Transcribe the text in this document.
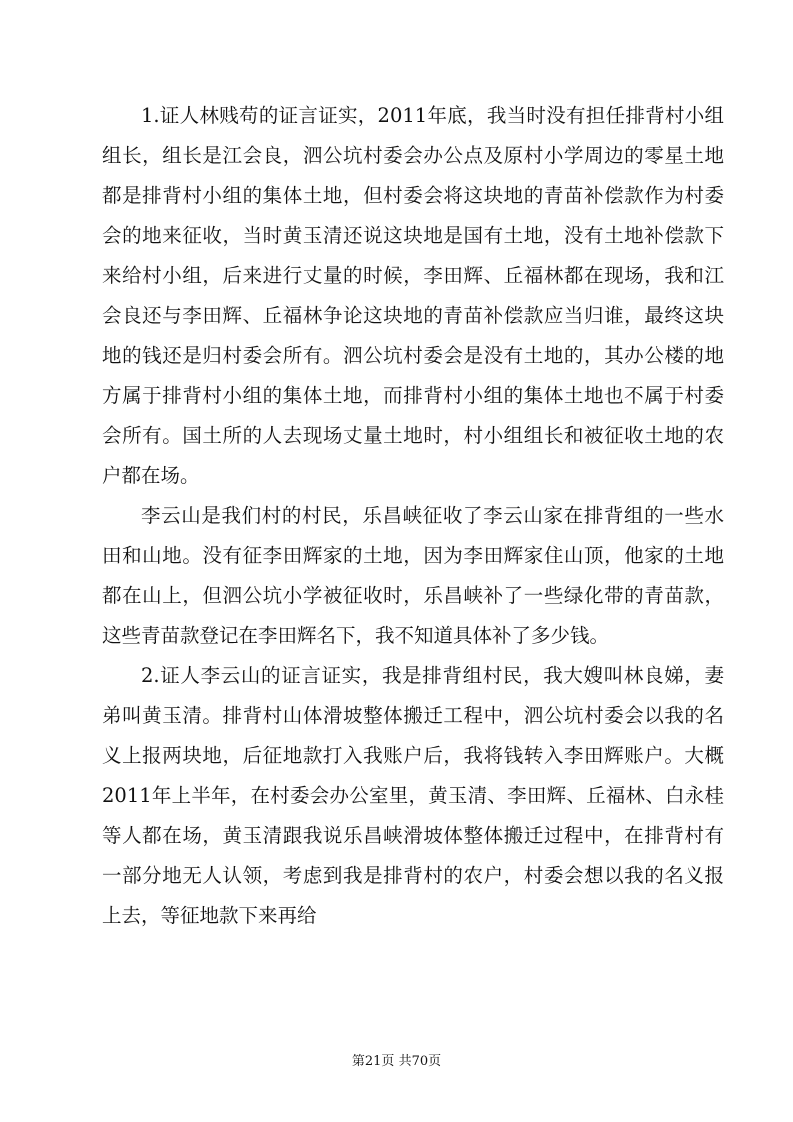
1.证人林贱苟的证言证实，2011年底，我当时没有担任排背村小组组长，组长是江会良，泗公坑村委会办公点及原村小学周边的零星土地都是排背村小组的集体土地，但村委会将这块地的青苗补偿款作为村委会的地来征收，当时黄玉清还说这块地是国有土地，没有土地补偿款下来给村小组，后来进行丈量的时候，李田辉、丘福林都在现场，我和江会良还与李田辉、丘福林争论这块地的青苗补偿款应当归谁，最终这块地的钱还是归村委会所有。泗公坑村委会是没有土地的，其办公楼的地方属于排背村小组的集体土地，而排背村小组的集体土地也不属于村委会所有。国土所的人去现场丈量土地时，村小组组长和被征收土地的农户都在场。

李云山是我们村的村民，乐昌峡征收了李云山家在排背组的一些水田和山地。没有征李田辉家的土地，因为李田辉家住山顶，他家的土地都在山上，但泗公坑小学被征收时，乐昌峡补了一些绿化带的青苗款，这些青苗款登记在李田辉名下，我不知道具体补了多少钱。

2.证人李云山的证言证实，我是排背组村民，我大嫂叫林良娣，妻弟叫黄玉清。排背村山体滑坡整体搬迁工程中，泗公坑村委会以我的名义上报两块地，后征地款打入我账户后，我将钱转入李田辉账户。大概2011年上半年，在村委会办公室里，黄玉清、李田辉、丘福林、白永桂等人都在场，黄玉清跟我说乐昌峡滑坡体整体搬迁过程中，在排背村有一部分地无人认领，考虑到我是排背村的农户，村委会想以我的名义报上去，等征地款下来再给

第21页 共70页
